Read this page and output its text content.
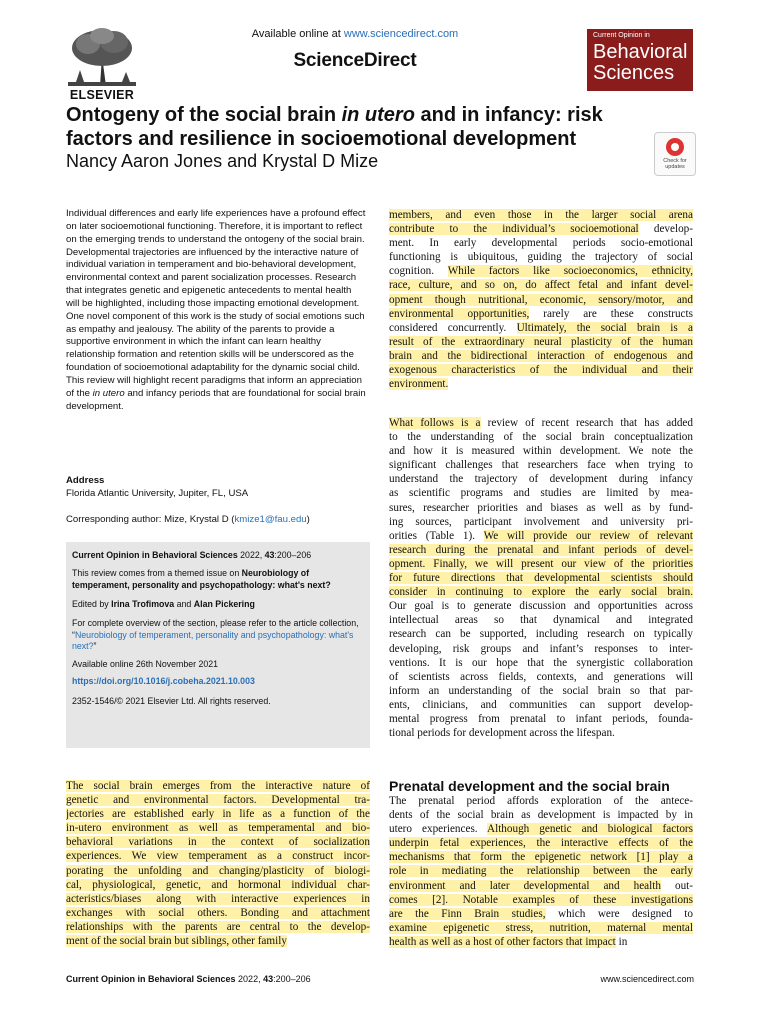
ELSEVIER
Available online at www.sciencedirect.com
ScienceDirect
Current Opinion in
Behavioral
Sciences
Ontogeny of the social brain in utero and in infancy: risk factors and resilience in socioemotional development
Nancy Aaron Jones and Krystal D Mize	Check for updates
Individual differences and early life experiences have a profound effect on later socioemotional functioning. Therefore, it is important to reflect on the emerging trends to understand the ontogeny of the social brain. Developmental trajectories are influenced by the interactive nature of individual variation in temperament and bio-behavioral development, environmental context and parent socialization processes. Research that integrates genetic and epigenetic antecedents to mental health will be highlighted, including those impacting emotional development. One novel component of this work is the study of social emotions such as empathy and jealousy. The ability of the parents to provide a supportive environment in which the infant can learn healthy relationship formation and retention skills will be underscored as the foundation of socioemotional adaptability for the dynamic social child. This review will highlight recent paradigms that inform an appreciation of the in utero and infancy periods that are foundational for social brain development.
Address
Florida Atlantic University, Jupiter, FL, USA
Corresponding author: Mize, Krystal D (kmize1@fau.edu)
Current Opinion in Behavioral Sciences 2022, 43:200–206
This review comes from a themed issue on Neurobiology of temperament, personality and psychopathology: what's next?
Edited by Irina Trofimova and Alan Pickering
For complete overview of the section, please refer to the article collection, “Neurobiology of temperament, personality and psychopathology: what's next?”
Available online 26th November 2021
https://doi.org/10.1016/j.cobeha.2021.10.003
2352-1546/© 2021 Elsevier Ltd. All rights reserved.
The social brain emerges from the interactive nature of
genetic and environmental factors. Developmental tra-
jectories are established early in life as a function of the
in-utero environment as well as temperamental and bio-
behavioral variations in the context of socialization
experiences. We view temperament as a construct incor-
porating the unfolding and changing/plasticity of biologi-
cal, physiological, genetic, and hormonal individual char-
acteristics/biases along with interactive experiences in
exchanges with social others. Bonding and attachment
relationships with the parents are central to the develop-
ment of the social brain but siblings, other family
members, and even those in the larger social arena
contribute to the individual’s socioemotional develop-
ment. In early developmental periods socio-emotional
functioning is ubiquitous, guiding the trajectory of social
cognition. While factors like socioeconomics, ethnicity,
race, culture, and so on, do affect fetal and infant devel-
opment though nutritional, economic, sensory/motor, and
environmental opportunities, rarely are these constructs
considered concurrently. Ultimately, the social brain is a
result of the extraordinary neural plasticity of the human
brain and the bidirectional interaction of endogenous and
exogenous characteristics of the individual and their
environment.
What follows is a review of recent research that has added
to the understanding of the social brain conceptualization
and how it is measured within development. We note the
significant challenges that researchers face when trying to
understand the trajectory of development during infancy
as scientific programs and studies are limited by mea-
sures, researcher priorities and biases as well as by fund-
ing sources, participant involvement and university pri-
orities (Table 1). We will provide our review of relevant
research during the prenatal and infant periods of devel-
opment. Finally, we will present our view of the priorities
for future directions that developmental scientists should
consider in continuing to explore the early social brain.
Our goal is to generate discussion and opportunities across
intellectual areas so that dynamical and integrated
research can be supported, including research on typically
developing, risk groups and infant’s responses to inter-
ventions. It is our hope that the synergistic collaboration
of scientists across fields, contexts, and generations will
inform an understanding of the social brain so that par-
ents, clinicians, and communities can support develop-
mental progress from prenatal to infant periods, founda-
tional periods for development across the lifespan.
Prenatal development and the social brain
The prenatal period affords exploration of the antece-
dents of the social brain as development is impacted by in
utero experiences. Although genetic and biological factors
underpin fetal experiences, the interactive effects of the
mechanisms that form the epigenetic network [1] play a
role in mediating the relationship between the early
environment and later developmental and health out-
comes [2]. Notable examples of these investigations
are the Finn Brain studies, which were designed to
examine epigenetic stress, nutrition, maternal mental
health as well as a host of other factors that impact in
Current Opinion in Behavioral Sciences 2022, 43:200–206	www.sciencedirect.com
